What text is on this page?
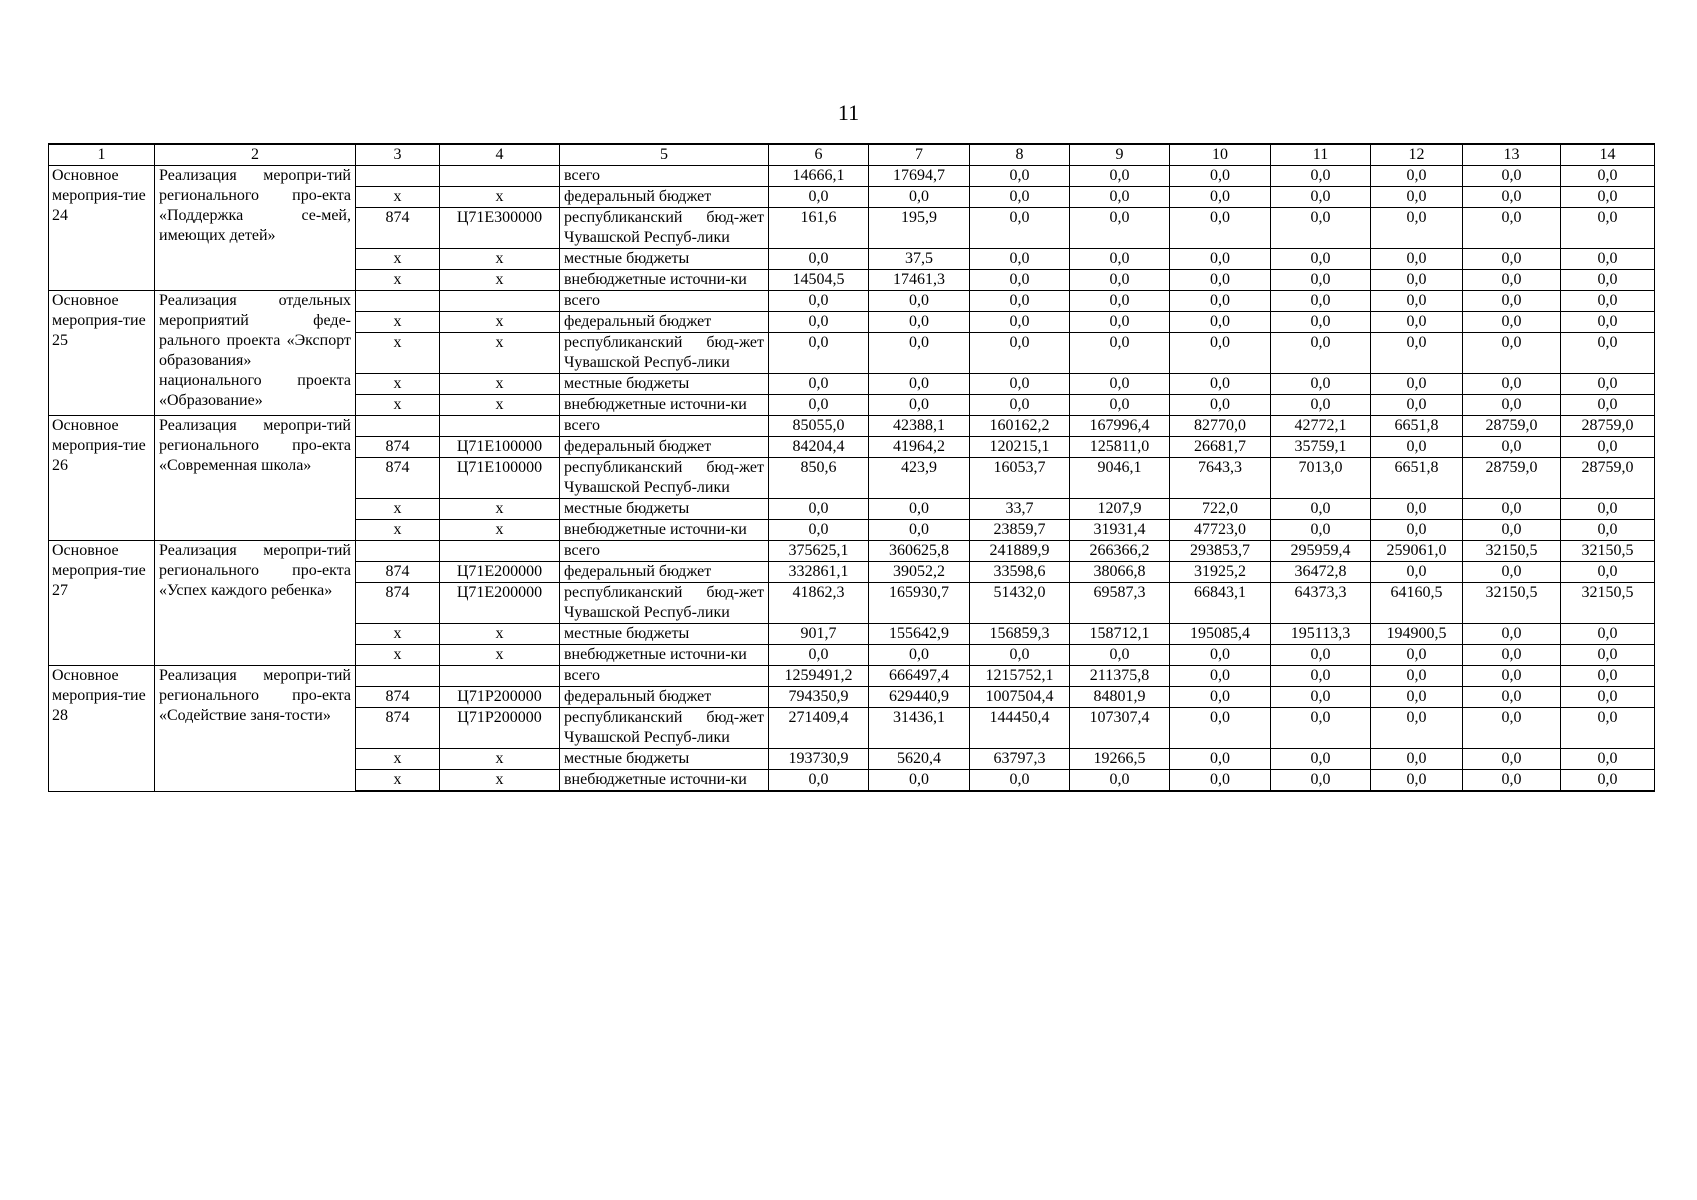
11
1	2	3	4	5	6	7	8	9	10	11	12	13	14
Основное мероприя-тие 24	Реализация меропри-тий регионального про-екта «Поддержка се-мей, имеющих детей»			всего	14666,1	17694,7	0,0	0,0	0,0	0,0	0,0	0,0	0,0
		х	х	федеральный бюджет	0,0	0,0	0,0	0,0	0,0	0,0	0,0	0,0	0,0
		874	Ц71Е300000	республиканский бюд-жет Чувашской Респуб-лики	161,6	195,9	0,0	0,0	0,0	0,0	0,0	0,0	0,0
		х	х	местные бюджеты	0,0	37,5	0,0	0,0	0,0	0,0	0,0	0,0	0,0
		х	х	внебюджетные источни-ки	14504,5	17461,3	0,0	0,0	0,0	0,0	0,0	0,0	0,0
Основное мероприя-тие 25	Реализация отдельных мероприятий феде-рального проекта «Экспорт образования» национального проекта «Образование»			всего	0,0	0,0	0,0	0,0	0,0	0,0	0,0	0,0	0,0
		х	х	федеральный бюджет	0,0	0,0	0,0	0,0	0,0	0,0	0,0	0,0	0,0
		х	х	республиканский бюд-жет Чувашской Респуб-лики	0,0	0,0	0,0	0,0	0,0	0,0	0,0	0,0	0,0
		х	х	местные бюджеты	0,0	0,0	0,0	0,0	0,0	0,0	0,0	0,0	0,0
		х	х	внебюджетные источни-ки	0,0	0,0	0,0	0,0	0,0	0,0	0,0	0,0	0,0
Основное мероприя-тие 26	Реализация меропри-тий регионального про-екта «Современная школа»			всего	85055,0	42388,1	160162,2	167996,4	82770,0	42772,1	6651,8	28759,0	28759,0
		874	Ц71Е100000	федеральный бюджет	84204,4	41964,2	120215,1	125811,0	26681,7	35759,1	0,0	0,0	0,0
		874	Ц71Е100000	республиканский бюд-жет Чувашской Респуб-лики	850,6	423,9	16053,7	9046,1	7643,3	7013,0	6651,8	28759,0	28759,0
		х	х	местные бюджеты	0,0	0,0	33,7	1207,9	722,0	0,0	0,0	0,0	0,0
		х	х	внебюджетные источни-ки	0,0	0,0	23859,7	31931,4	47723,0	0,0	0,0	0,0	0,0
Основное мероприя-тие 27	Реализация меропри-тий регионального про-екта «Успех каждого ребенка»			всего	375625,1	360625,8	241889,9	266366,2	293853,7	295959,4	259061,0	32150,5	32150,5
		874	Ц71Е200000	федеральный бюджет	332861,1	39052,2	33598,6	38066,8	31925,2	36472,8	0,0	0,0	0,0
		874	Ц71Е200000	республиканский бюд-жет Чувашской Респуб-лики	41862,3	165930,7	51432,0	69587,3	66843,1	64373,3	64160,5	32150,5	32150,5
		х	х	местные бюджеты	901,7	155642,9	156859,3	158712,1	195085,4	195113,3	194900,5	0,0	0,0
		х	х	внебюджетные источни-ки	0,0	0,0	0,0	0,0	0,0	0,0	0,0	0,0	0,0
Основное мероприя-тие 28	Реализация меропри-тий регионального про-екта «Содействие заня-тости»			всего	1259491,2	666497,4	1215752,1	211375,8	0,0	0,0	0,0	0,0	0,0
		874	Ц71Р200000	федеральный бюджет	794350,9	629440,9	1007504,4	84801,9	0,0	0,0	0,0	0,0	0,0
		874	Ц71Р200000	республиканский бюд-жет Чувашской Респуб-лики	271409,4	31436,1	144450,4	107307,4	0,0	0,0	0,0	0,0	0,0
		х	х	местные бюджеты	193730,9	5620,4	63797,3	19266,5	0,0	0,0	0,0	0,0	0,0
		х	х	внебюджетные источни-ки	0,0	0,0	0,0	0,0	0,0	0,0	0,0	0,0	0,0
